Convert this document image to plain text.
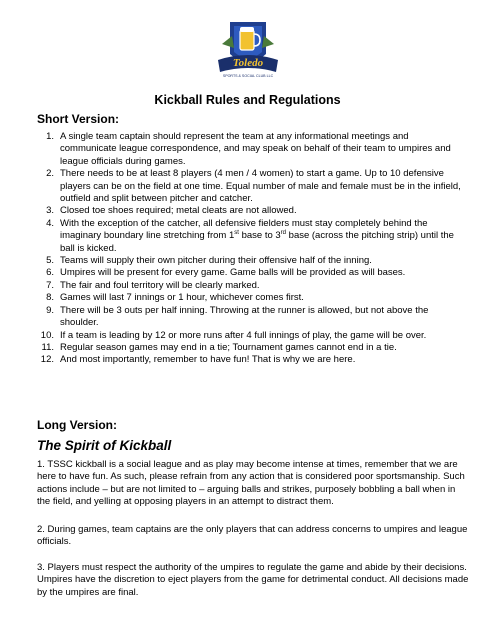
Toledo
SPORTS & SOCIAL CLUB LLC
Kickball Rules and Regulations
Short Version:
1. A single team captain should represent the team at any informational meetings and communicate league correspondence, and may speak on behalf of their team to umpires and league officials during games.
2. There needs to be at least 8 players (4 men / 4 women) to start a game. Up to 10 defensive players can be on the field at one time. Equal number of male and female must be in the infield, outfield and split between pitcher and catcher.
3. Closed toe shoes required; metal cleats are not allowed.
4. With the exception of the catcher, all defensive fielders must stay completely behind the imaginary boundary line stretching from 1st base to 3rd base (across the pitching strip) until the ball is kicked.
5. Teams will supply their own pitcher during their offensive half of the inning.
6. Umpires will be present for every game. Game balls will be provided as will bases.
7. The fair and foul territory will be clearly marked.
8. Games will last 7 innings or 1 hour, whichever comes first.
9. There will be 3 outs per half inning. Throwing at the runner is allowed, but not above the shoulder.
10. If a team is leading by 12 or more runs after 4 full innings of play, the game will be over.
11. Regular season games may end in a tie; Tournament games cannot end in a tie.
12. And most importantly, remember to have fun! That is why we are here.
Long Version:
The Spirit of Kickball

1. TSSC kickball is a social league and as play may become intense at times, remember that we are here to have fun. As such, please refrain from any action that is considered poor sportsmanship. Such actions include – but are not limited to – arguing balls and strikes, purposely bobbling a ball when in the field, and yelling at opposing players in an attempt to distract them.

2. During games, team captains are the only players that can address concerns to umpires and league officials.

3. Players must respect the authority of the umpires to regulate the game and abide by their decisions. Umpires have the discretion to eject players from the game for detrimental conduct. All decisions made by the umpires are final.
